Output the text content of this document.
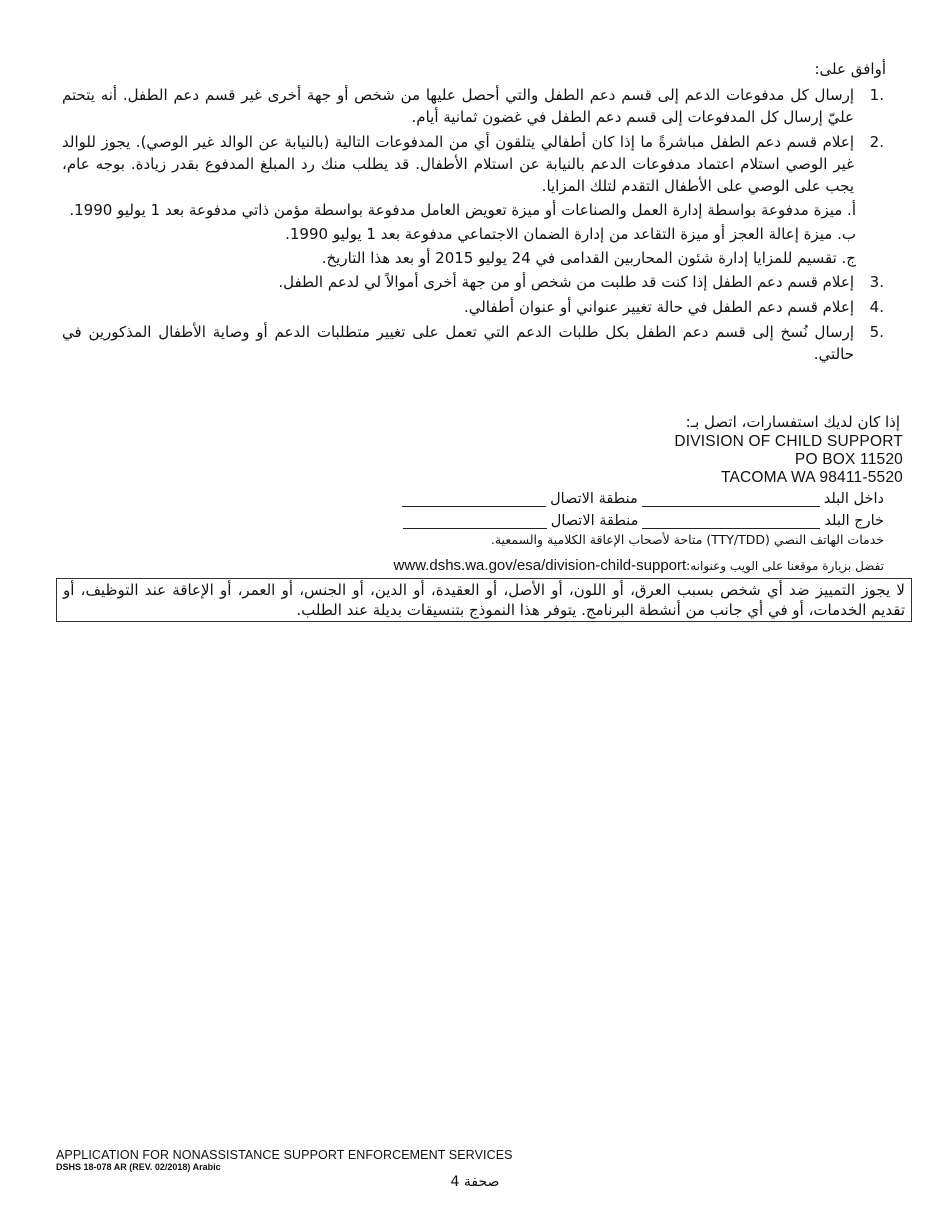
أوافق على:
.1
إرسال كل مدفوعات الدعم إلى قسم دعم الطفل والتي أحصل عليها من شخص أو جهة أخرى غير قسم دعم الطفل. أنه يتحتم عليّ إرسال كل المدفوعات إلى قسم دعم الطفل في غضون ثمانية أيام.
.2
إعلام قسم دعم الطفل مباشرةً ما إذا كان أطفالي يتلقون أي من المدفوعات التالية (بالنيابة عن الوالد غير الوصي). يجوز للوالد غير الوصي استلام اعتماد مدفوعات الدعم بالنيابة عن استلام الأطفال. قد يطلب منك رد المبلغ المدفوع بقدر زيادة. بوجه عام، يجب على الوصي على الأطفال التقدم لتلك المزايا.
أ. ميزة مدفوعة بواسطة إدارة العمل والصناعات أو ميزة تعويض العامل مدفوعة بواسطة مؤمن ذاتي مدفوعة بعد 1 يوليو 1990.
ب. ميزة إعالة العجز أو ميزة التقاعد من إدارة الضمان الاجتماعي مدفوعة بعد 1 يوليو 1990.
ج. تقسيم للمزايا إدارة شئون المحاربين القدامى في 24 يوليو 2015 أو بعد هذا التاريخ.
.3
إعلام قسم دعم الطفل إذا كنت قد طلبت من شخص أو من جهة أخرى أموالاً لي لدعم الطفل.
.4
إعلام قسم دعم الطفل في حالة تغيير عنواني أو عنوان أطفالي.
.5
إرسال نُسخ إلى قسم دعم الطفل بكل طلبات الدعم التي تعمل على تغيير متطلبات الدعم أو وصاية الأطفال المذكورين في حالتي.
إذا كان لديك استفسارات، اتصل بـ:
DIVISION OF CHILD SUPPORT
PO BOX 11520
TACOMA WA 98411-5520
داخل البلد
منطقة الاتصال
خارج البلد
منطقة الاتصال
خدمات الهاتف النصي (TTY/TDD) متاحة لأصحاب الإعاقة الكلامية والسمعية.
www.dshs.wa.gov/esa/division-child-supportتفضل بزيارة موقعنا على الويب وعنوانه:
لا يجوز التمييز ضد أي شخص بسبب العرق، أو اللون، أو الأصل، أو العقيدة، أو الدين، أو الجنس، أو العمر، أو الإعاقة عند التوظيف، أو تقديم الخدمات، أو في أي جانب من أنشطة البرنامج. يتوفر هذا النموذج بتنسيقات بديلة عند الطلب.
APPLICATION FOR NONASSISTANCE SUPPORT ENFORCEMENT SERVICES
DSHS 18-078 AR (REV. 02/2018) Arabic
صحفة 4
